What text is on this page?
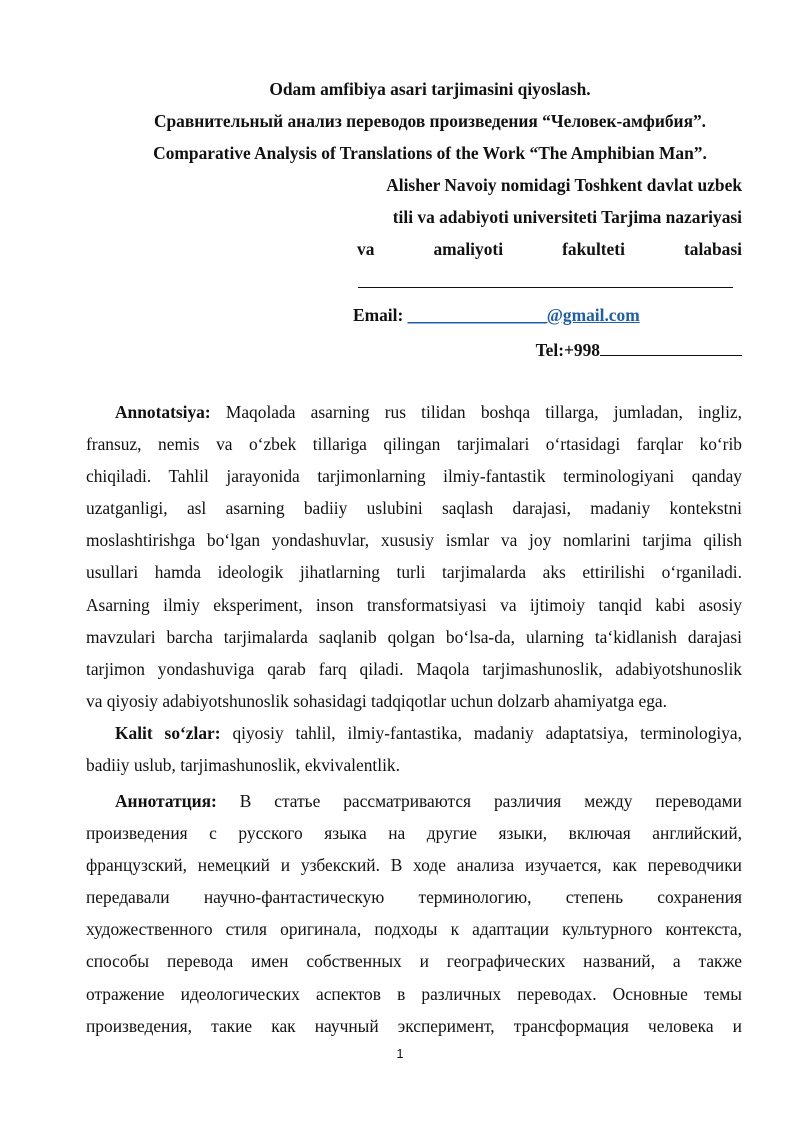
Odam amfibiya asari tarjimasini qiyoslash.
Сравнительный анализ переводов произведения “Человек-амфибия”.
Comparative Analysis of Translations of the Work “The Amphibian Man”.
Alisher Navoiy nomidagi Toshkent davlat uzbek
tili va adabiyoti universiteti Tarjima nazariyasi
va	amaliyoti	fakulteti	talabasi
Email: ________________@gmail.com
Tel:+998
Annotatsiya: Maqolada asarning rus tilidan boshqa tillarga, jumladan, ingliz,
fransuz, nemis va o‘zbek tillariga qilingan tarjimalari o‘rtasidagi farqlar ko‘rib
chiqiladi. Tahlil jarayonida tarjimonlarning ilmiy-fantastik terminologiyani qanday
uzatganligi, asl asarning badiiy uslubini saqlash darajasi, madaniy kontekstni
moslashtirishga bo‘lgan yondashuvlar, xususiy ismlar va joy nomlarini tarjima qilish
usullari hamda ideologik jihatlarning turli tarjimalarda aks ettirilishi o‘rganiladi.
Asarning ilmiy eksperiment, inson transformatsiyasi va ijtimoiy tanqid kabi asosiy
mavzulari barcha tarjimalarda saqlanib qolgan bo‘lsa-da, ularning ta‘kidlanish darajasi
tarjimon yondashuviga qarab farq qiladi. Maqola tarjimashunoslik, adabiyotshunoslik
va qiyosiy adabiyotshunoslik sohasidagi tadqiqotlar uchun dolzarb ahamiyatga ega.
Kalit so‘zlar: qiyosiy tahlil, ilmiy-fantastika, madaniy adaptatsiya, terminologiya,
badiiy uslub, tarjimashunoslik, ekvivalentlik.
Аннотатция: В статье рассматриваются различия между переводами
произведения с русского языка на другие языки, включая английский,
французский, немецкий и узбекский. В ходе анализа изучается, как переводчики
передавали научно-фантастическую терминологию, степень сохранения
художественного стиля оригинала, подходы к адаптации культурного контекста,
способы перевода имен собственных и географических названий, а также
отражение идеологических аспектов в различных переводах. Основные темы
произведения, такие как научный эксперимент, трансформация человека и
1
